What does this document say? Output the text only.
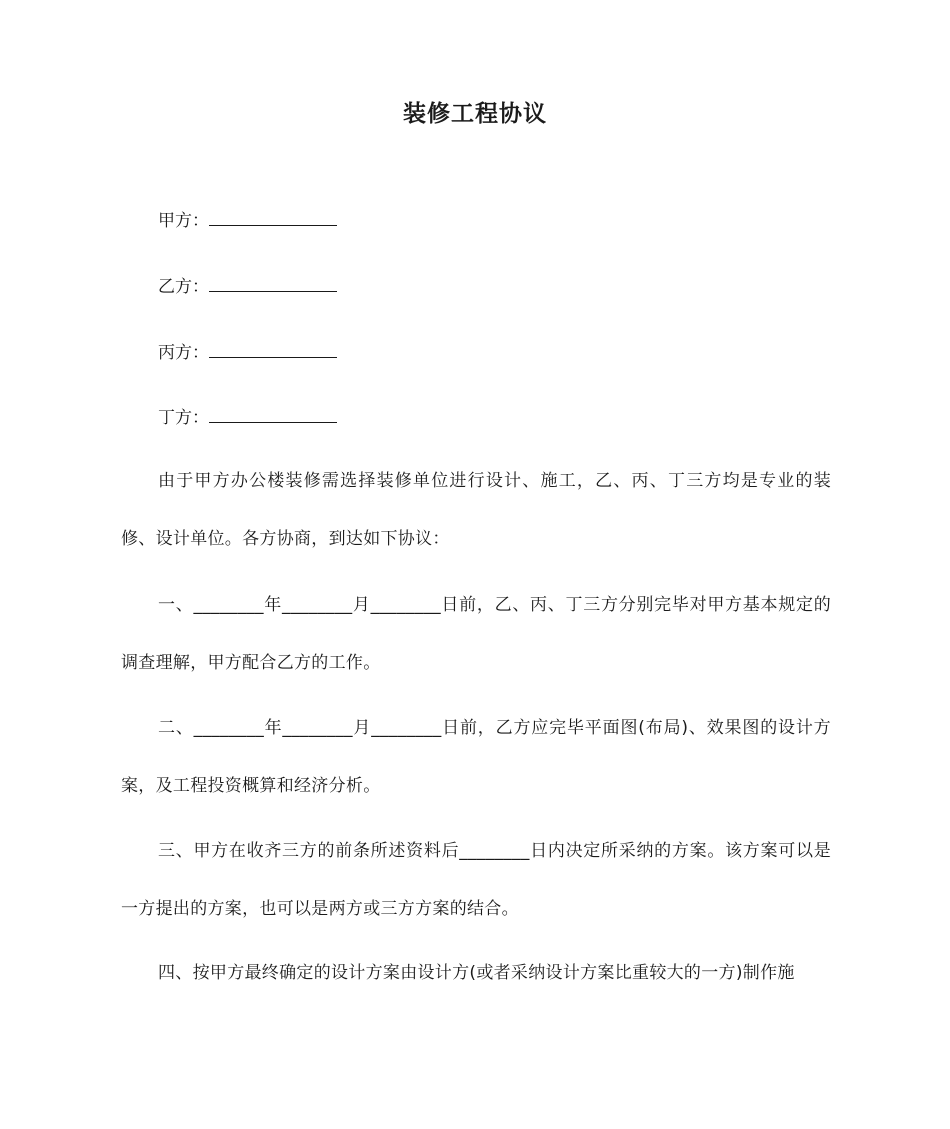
装修工程协议
甲方：
乙方：
丙方：
丁方：
由于甲方办公楼装修需选择装修单位进行设计、施工，乙、丙、丁三方均是专业的装修、设计单位。各方协商，到达如下协议：
一、________年________月________日前，乙、丙、丁三方分别完毕对甲方基本规定的调查理解，甲方配合乙方的工作。
二、________年________月________日前，乙方应完毕平面图(布局)、效果图的设计方案，及工程投资概算和经济分析。
三、甲方在收齐三方的前条所述资料后________日内决定所采纳的方案。该方案可以是一方提出的方案，也可以是两方或三方方案的结合。
四、按甲方最终确定的设计方案由设计方(或者采纳设计方案比重较大的一方)制作施
